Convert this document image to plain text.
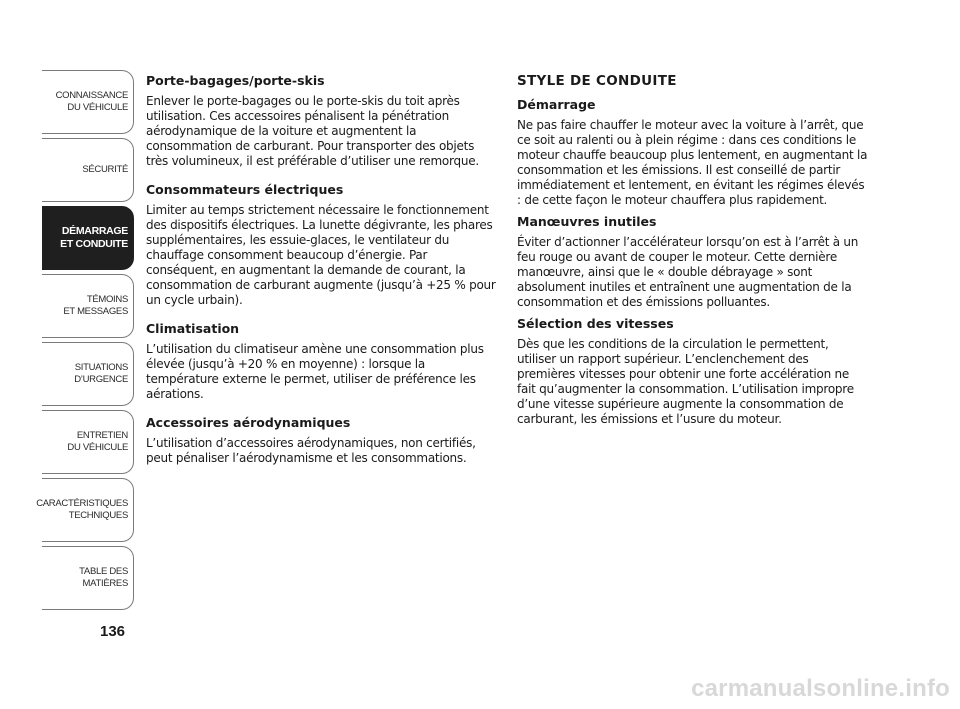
CONNAISSANCE
DU VÉHICULE
SÉCURITÉ
DÉMARRAGE
ET CONDUITE
TÉMOINS
ET MESSAGES
SITUATIONS
D’URGENCE
ENTRETIEN
DU VÉHICULE
CARACTÉRISTIQUES
TECHNIQUES
TABLE DES
MATIÈRES
136
Porte-bagages/porte-skis

Enlever le porte-bagages ou le porte-skis du toit après utilisation. Ces accessoires pénalisent la pénétration aérodynamique de la voiture et augmentent la consommation de carburant. Pour transporter des objets très volumineux, il est préférable d’utiliser une remorque.

Consommateurs électriques

Limiter au temps strictement nécessaire le fonctionnement des dispositifs électriques. La lunette dégivrante, les phares supplémentaires, les essuie-glaces, le ventilateur du chauffage consomment beaucoup d’énergie. Par conséquent, en augmentant la demande de courant, la consommation de carburant augmente (jusqu’à +25 % pour un cycle urbain).

Climatisation

L’utilisation du climatiseur amène une consommation plus élevée (jusqu’à +20 % en moyenne) : lorsque la température externe le permet, utiliser de préférence les aérations.

Accessoires aérodynamiques

L’utilisation d’accessoires aérodynamiques, non certifiés, peut pénaliser l’aérodynamisme et les consommations.

STYLE DE CONDUITE
Démarrage

Ne pas faire chauffer le moteur avec la voiture à l’arrêt, que ce soit au ralenti ou à plein régime : dans ces conditions le moteur chauffe beaucoup plus lentement, en augmentant la consommation et les émissions. Il est conseillé de partir immédiatement et lentement, en évitant les régimes élevés : de cette façon le moteur chauffera plus rapidement.

Manœuvres inutiles

Éviter d’actionner l’accélérateur lorsqu’on est à l’arrêt à un feu rouge ou avant de couper le moteur. Cette dernière manœuvre, ainsi que le « double débrayage » sont absolument inutiles et entraînent une augmentation de la consommation et des émissions polluantes.

Sélection des vitesses

Dès que les conditions de la circulation le permettent, utiliser un rapport supérieur. L’enclenchement des premières vitesses pour obtenir une forte accélération ne fait qu’augmenter la consommation. L’utilisation impropre d’une vitesse supérieure augmente la consommation de carburant, les émissions et l’usure du moteur.

carmanualsonline.info
